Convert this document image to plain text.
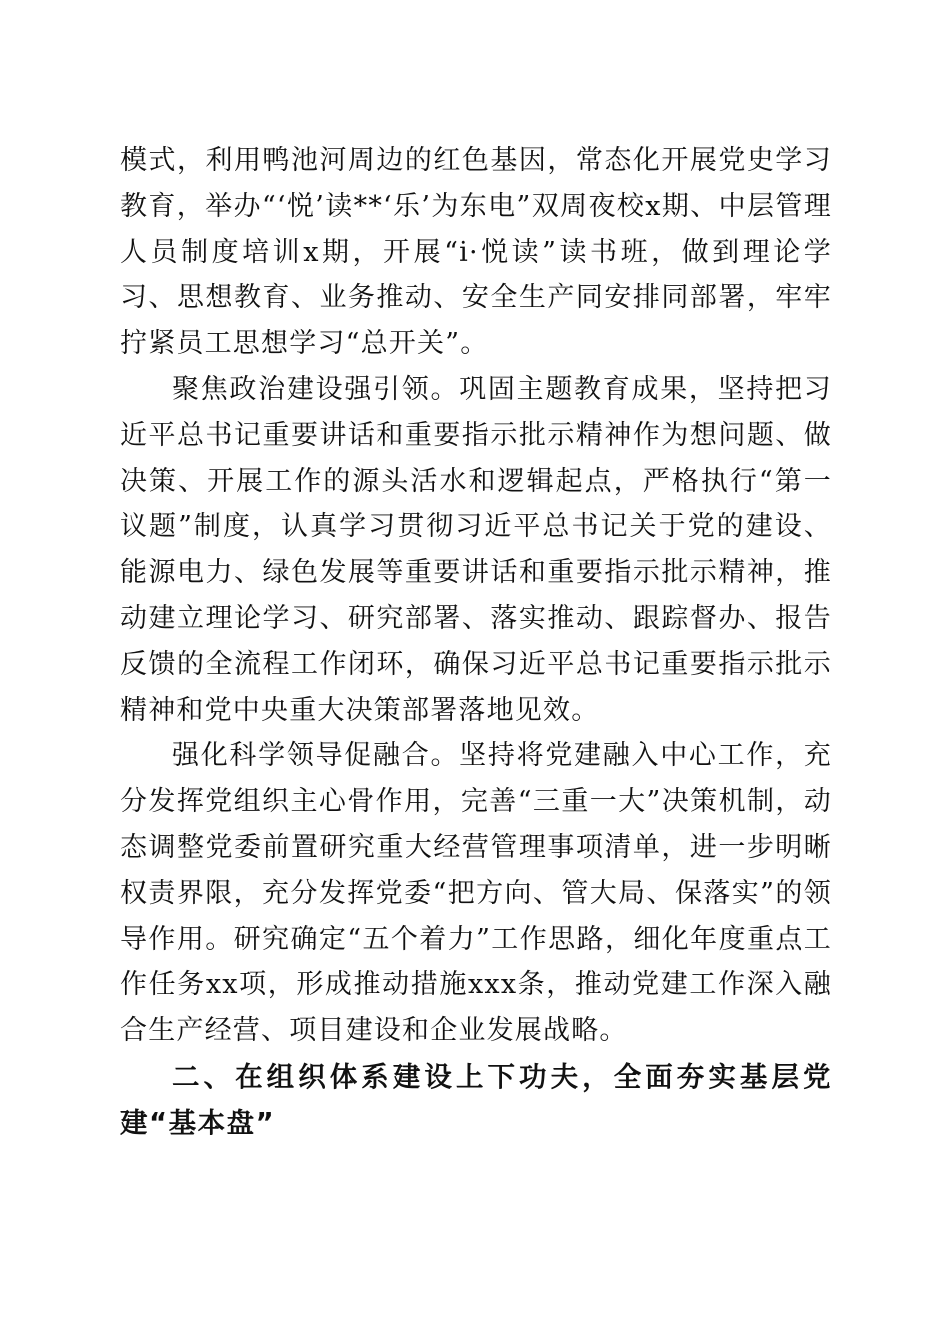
模式，利用鸭池河周边的红色基因，常态化开展党史学习教育，举办“‘悦’读**‘乐’为东电”双周夜校x期、中层管理人员制度培训x期，开展“i·悦读”读书班，做到理论学习、思想教育、业务推动、安全生产同安排同部署，牢牢拧紧员工思想学习“总开关”。

聚焦政治建设强引领。巩固主题教育成果，坚持把习近平总书记重要讲话和重要指示批示精神作为想问题、做决策、开展工作的源头活水和逻辑起点，严格执行“第一议题”制度，认真学习贯彻习近平总书记关于党的建设、能源电力、绿色发展等重要讲话和重要指示批示精神，推动建立理论学习、研究部署、落实推动、跟踪督办、报告反馈的全流程工作闭环，确保习近平总书记重要指示批示精神和党中央重大决策部署落地见效。

强化科学领导促融合。坚持将党建融入中心工作，充分发挥党组织主心骨作用，完善“三重一大”决策机制，动态调整党委前置研究重大经营管理事项清单，进一步明晰权责界限，充分发挥党委“把方向、管大局、保落实”的领导作用。研究确定“五个着力”工作思路，细化年度重点工作任务xx项，形成推动措施xxx条，推动党建工作深入融合生产经营、项目建设和企业发展战略。

二、在组织体系建设上下功夫，全面夯实基层党建“基本盘”
